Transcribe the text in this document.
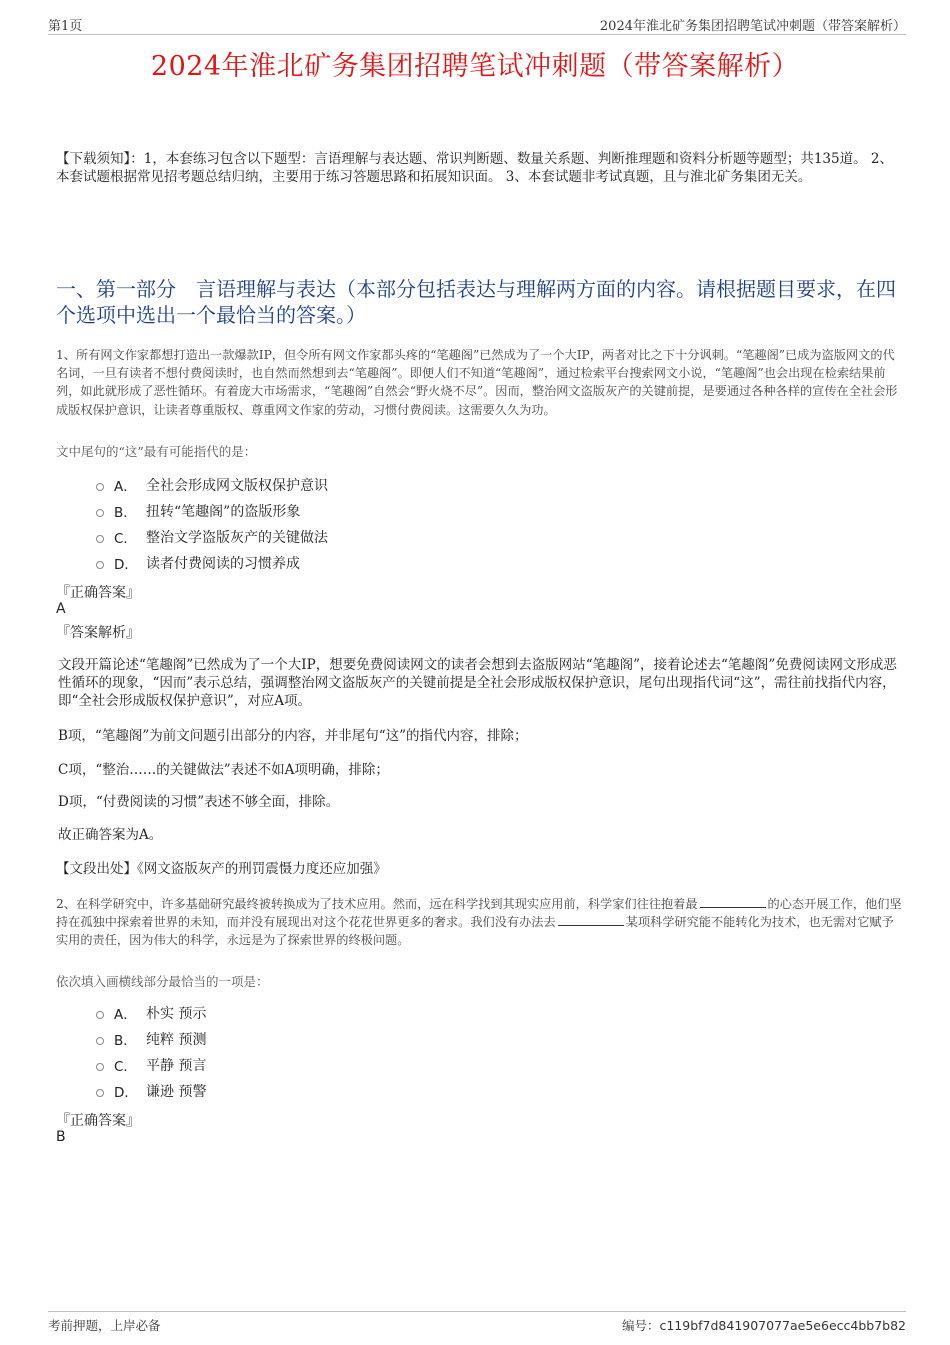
第1页	2024年淮北矿务集团招聘笔试冲刺题（带答案解析）
2024年淮北矿务集团招聘笔试冲刺题（带答案解析）
【下载须知】：1，本套练习包含以下题型：言语理解与表达题、常识判断题、数量关系题、判断推理题和资料分析题等题型；共135道。 2、本套试题根据常见招考题总结归纳，主要用于练习答题思路和拓展知识面。 3、本套试题非考试真题，且与淮北矿务集团无关。
一、第一部分　言语理解与表达（本部分包括表达与理解两方面的内容。请根据题目要求，在四个选项中选出一个最恰当的答案。）
1、所有网文作家都想打造出一款爆款IP，但令所有网文作家都头疼的“笔趣阁”已然成为了一个大IP，两者对比之下十分讽刺。“笔趣阁”已成为盗版网文的代名词，一旦有读者不想付费阅读时，也自然而然想到去“笔趣阁”。即便人们不知道“笔趣阁”，通过检索平台搜索网文小说，“笔趣阁”也会出现在检索结果前列，如此就形成了恶性循环。有着庞大市场需求，“笔趣阁”自然会“野火烧不尽”。因而，整治网文盗版灰产的关键前提，是要通过各种各样的宣传在全社会形成版权保护意识，让读者尊重版权、尊重网文作家的劳动，习惯付费阅读。这需要久久为功。
文中尾句的“这”最有可能指代的是：
A． 全社会形成网文版权保护意识
B． 扭转“笔趣阁”的盗版形象
C． 整治文学盗版灰产的关键做法
D． 读者付费阅读的习惯养成
『正确答案』
A
『答案解析』
文段开篇论述“笔趣阁”已然成为了一个大IP，想要免费阅读网文的读者会想到去盗版网站“笔趣阁”，接着论述去“笔趣阁”免费阅读网文形成恶性循环的现象，“因而”表示总结，强调整治网文盗版灰产的关键前提是全社会形成版权保护意识，尾句出现指代词“这”，需往前找指代内容，即“全社会形成版权保护意识”，对应A项。
B项，“笔趣阁”为前文问题引出部分的内容，并非尾句“这”的指代内容，排除；
C项，“整治……的关键做法”表述不如A项明确，排除；
D项，“付费阅读的习惯”表述不够全面，排除。
故正确答案为A。
【文段出处】《网文盗版灰产的刑罚震慑力度还应加强》
2、在科学研究中，许多基础研究最终被转换成为了技术应用。然而，远在科学找到其现实应用前，科学家们往往抱着最	的心态开展工作，他们坚持在孤独中探索着世界的未知，而并没有展现出对这个花花世界更多的奢求。我们没有办法去	某项科学研究能不能转化为技术，也无需对它赋予实用的责任，因为伟大的科学，永远是为了探索世界的终极问题。
依次填入画横线部分最恰当的一项是：
A． 朴实 预示
B． 纯粹 预测
C． 平静 预言
D． 谦逊 预警
『正确答案』
B
考前押题，上岸必备	编号：c119bf7d841907077ae5e6ecc4bb7b82
